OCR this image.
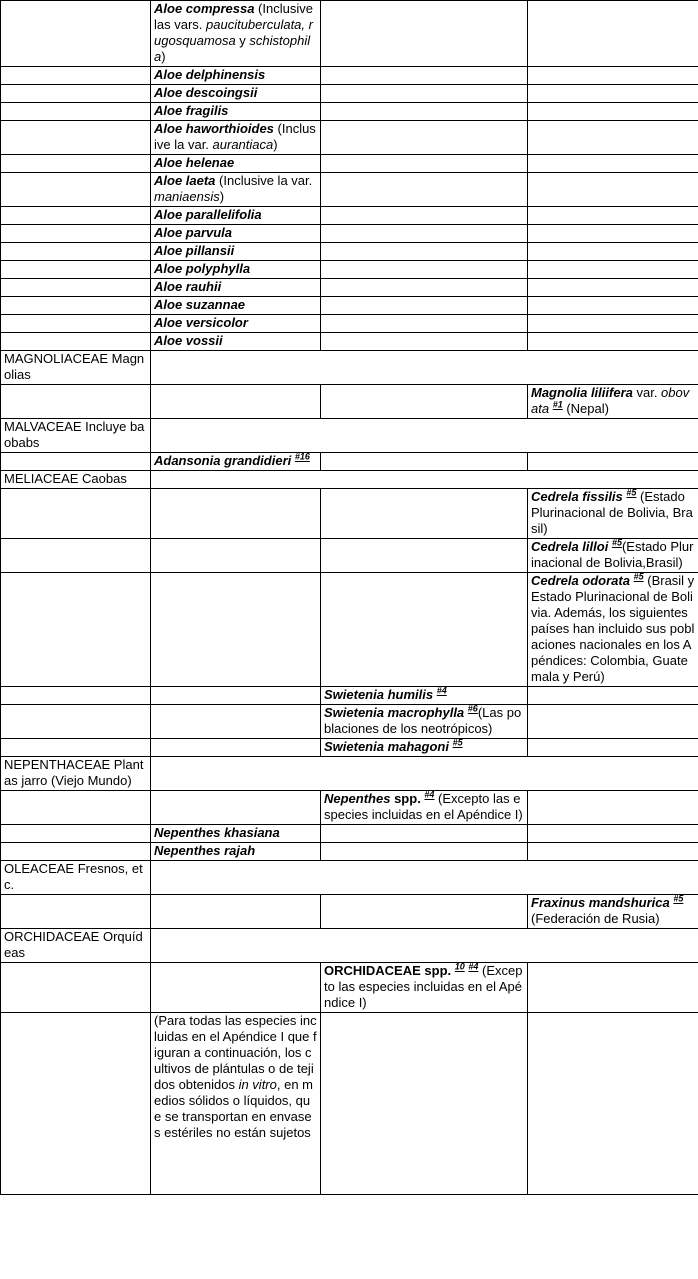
	Aloe compressa (Inclusive las vars. paucituberculata, rugosquamosa y schistophila)		
	Aloe delphinensis		
	Aloe descoingsii		
	Aloe fragilis		
	Aloe haworthioides (Inclusive la var. aurantiaca)		
	Aloe helenae		
	Aloe laeta (Inclusive la var. maniaensis)		
	Aloe parallelifolia		
	Aloe parvula		
	Aloe pillansii		
	Aloe polyphylla		
	Aloe rauhii		
	Aloe suzannae		
	Aloe versicolor		
	Aloe vossii		
MAGNOLIACEAE Magnolias			
			Magnolia liliifera var. obovata $^{\#1}$ (Nepal)
MALVACEAE Incluye baobabs			
	Adansonia grandidieri $^{\#16}$		
MELIACEAE Caobas			
			Cedrela fissilis $^{\#5}$ (Estado Plurinacional de Bolivia, Brasil)
			Cedrela lilloi $^{\#5}$(Estado Plurinacional de Bolivia,Brasil)
			Cedrela odorata $^{\#5}$ (Brasil y Estado Plurinacional de Bolivia. Además, los siguientes países han incluido sus poblaciones nacionales en los Apéndices: Colombia, Guatemala y Perú)
		Swietenia humilis $^{\#4}$	
		Swietenia macrophylla $^{\#6}$(Las poblaciones de los neotrópicos)	
		Swietenia mahagoni $^{\#5}$	
NEPENTHACEAE Plantas jarro (Viejo Mundo)			
		Nepenthes spp. $^{\#4}$ (Excepto las especies incluidas en el Apéndice I)	
	Nepenthes khasiana		
	Nepenthes rajah		
OLEACEAE Fresnos, etc.			
			Fraxinus mandshurica $^{\#5}$ (Federación de Rusia)
ORCHIDACEAE Orquídeas			
		ORCHIDACEAE spp. $^{10}$ $^{\#4}$ (Excepto las especies incluidas en el Apéndice I)	
	(Para todas las especies incluidas en el Apéndice I que figuran a continuación, los cultivos de plántulas o de tejidos obtenidos in vitro, en medios sólidos o líquidos, que se transportan en envases estériles no están sujetos		
